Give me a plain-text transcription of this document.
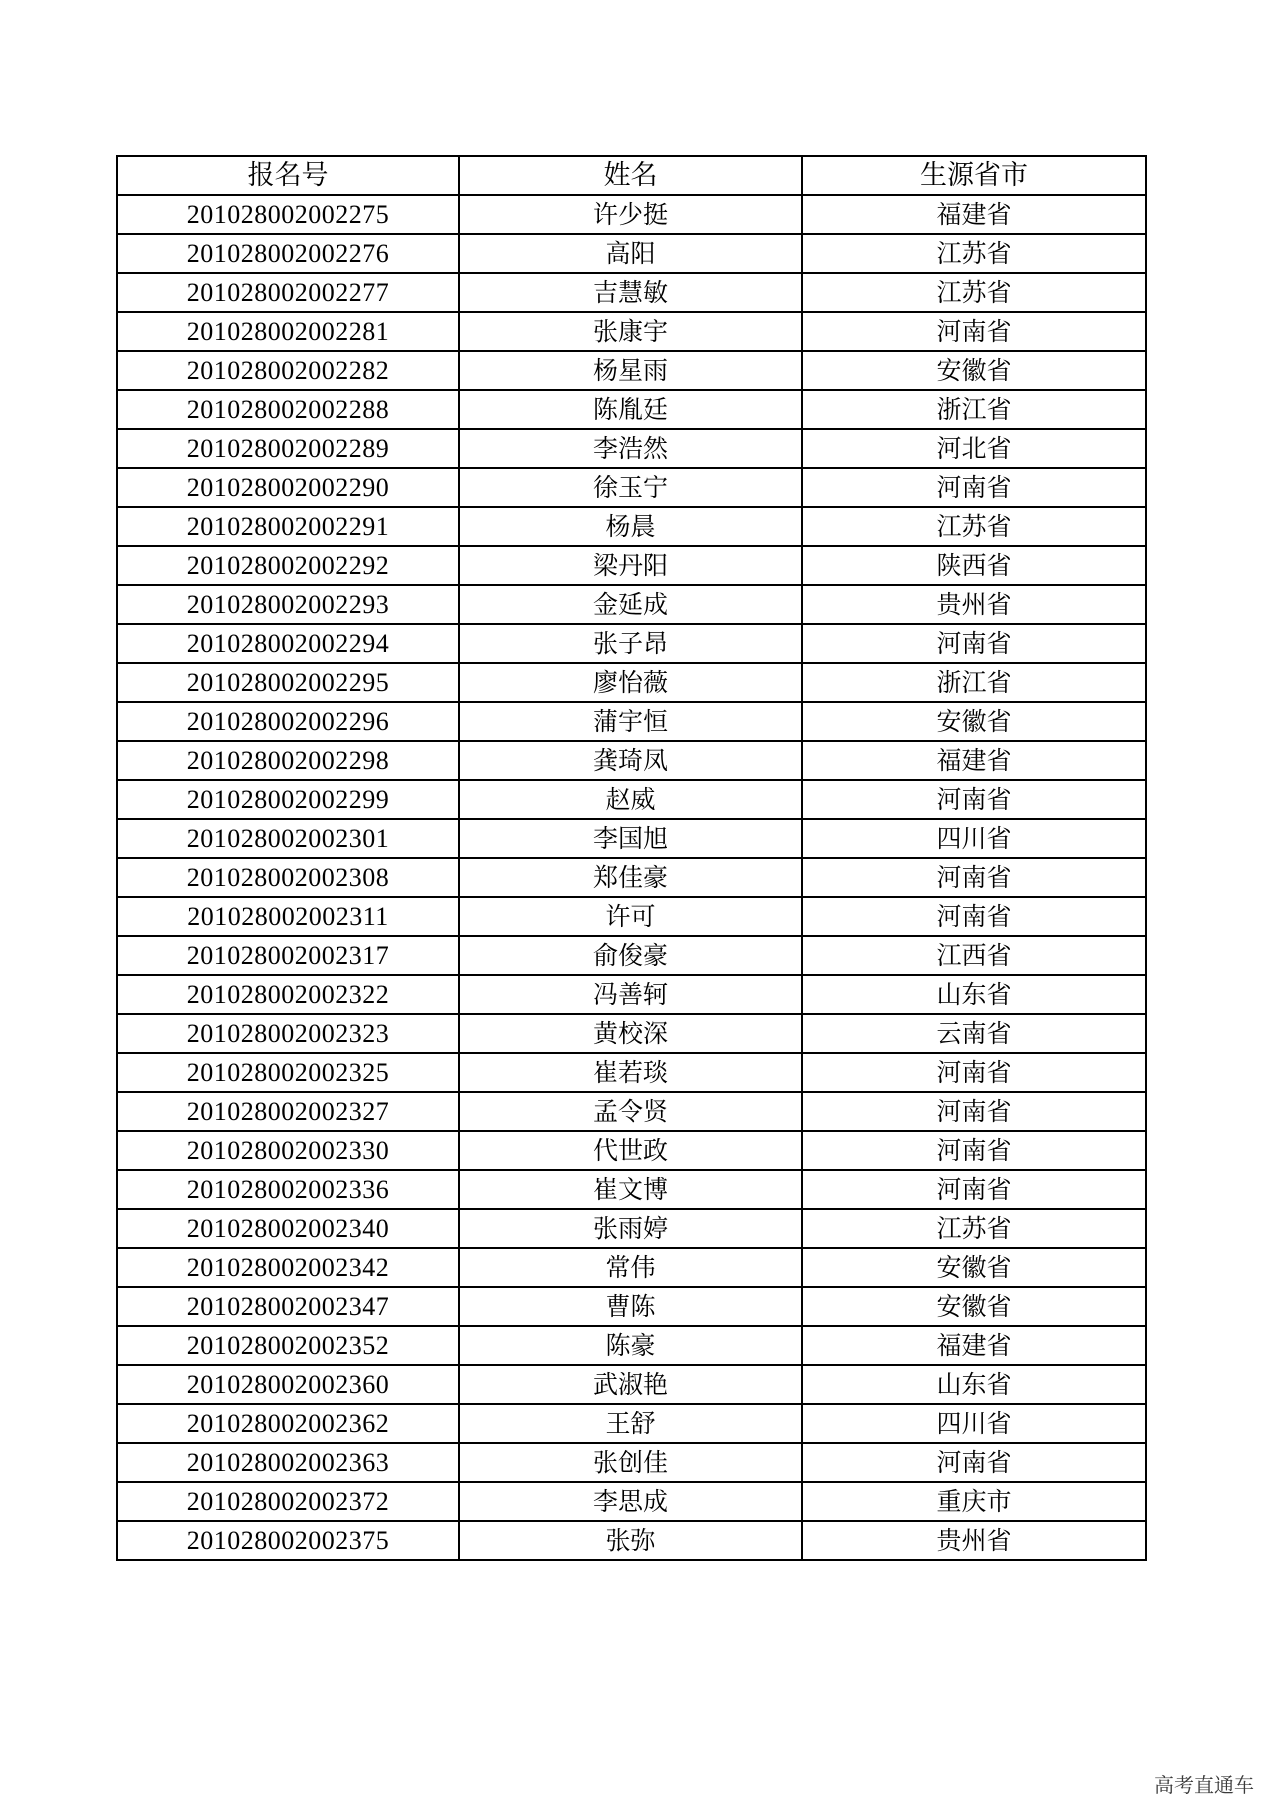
报名号	姓名	生源省市
201028002002275	许少挺	福建省
201028002002276	高阳	江苏省
201028002002277	吉慧敏	江苏省
201028002002281	张康宇	河南省
201028002002282	杨星雨	安徽省
201028002002288	陈胤廷	浙江省
201028002002289	李浩然	河北省
201028002002290	徐玉宁	河南省
201028002002291	杨晨	江苏省
201028002002292	梁丹阳	陕西省
201028002002293	金延成	贵州省
201028002002294	张子昂	河南省
201028002002295	廖怡薇	浙江省
201028002002296	蒲宇恒	安徽省
201028002002298	龚琦凤	福建省
201028002002299	赵威	河南省
201028002002301	李国旭	四川省
201028002002308	郑佳豪	河南省
201028002002311	许可	河南省
201028002002317	俞俊豪	江西省
201028002002322	冯善轲	山东省
201028002002323	黄校深	云南省
201028002002325	崔若琰	河南省
201028002002327	孟令贤	河南省
201028002002330	代世政	河南省
201028002002336	崔文博	河南省
201028002002340	张雨婷	江苏省
201028002002342	常伟	安徽省
201028002002347	曹陈	安徽省
201028002002352	陈豪	福建省
201028002002360	武淑艳	山东省
201028002002362	王舒	四川省
201028002002363	张创佳	河南省
201028002002372	李思成	重庆市
201028002002375	张弥	贵州省
高考直通车
